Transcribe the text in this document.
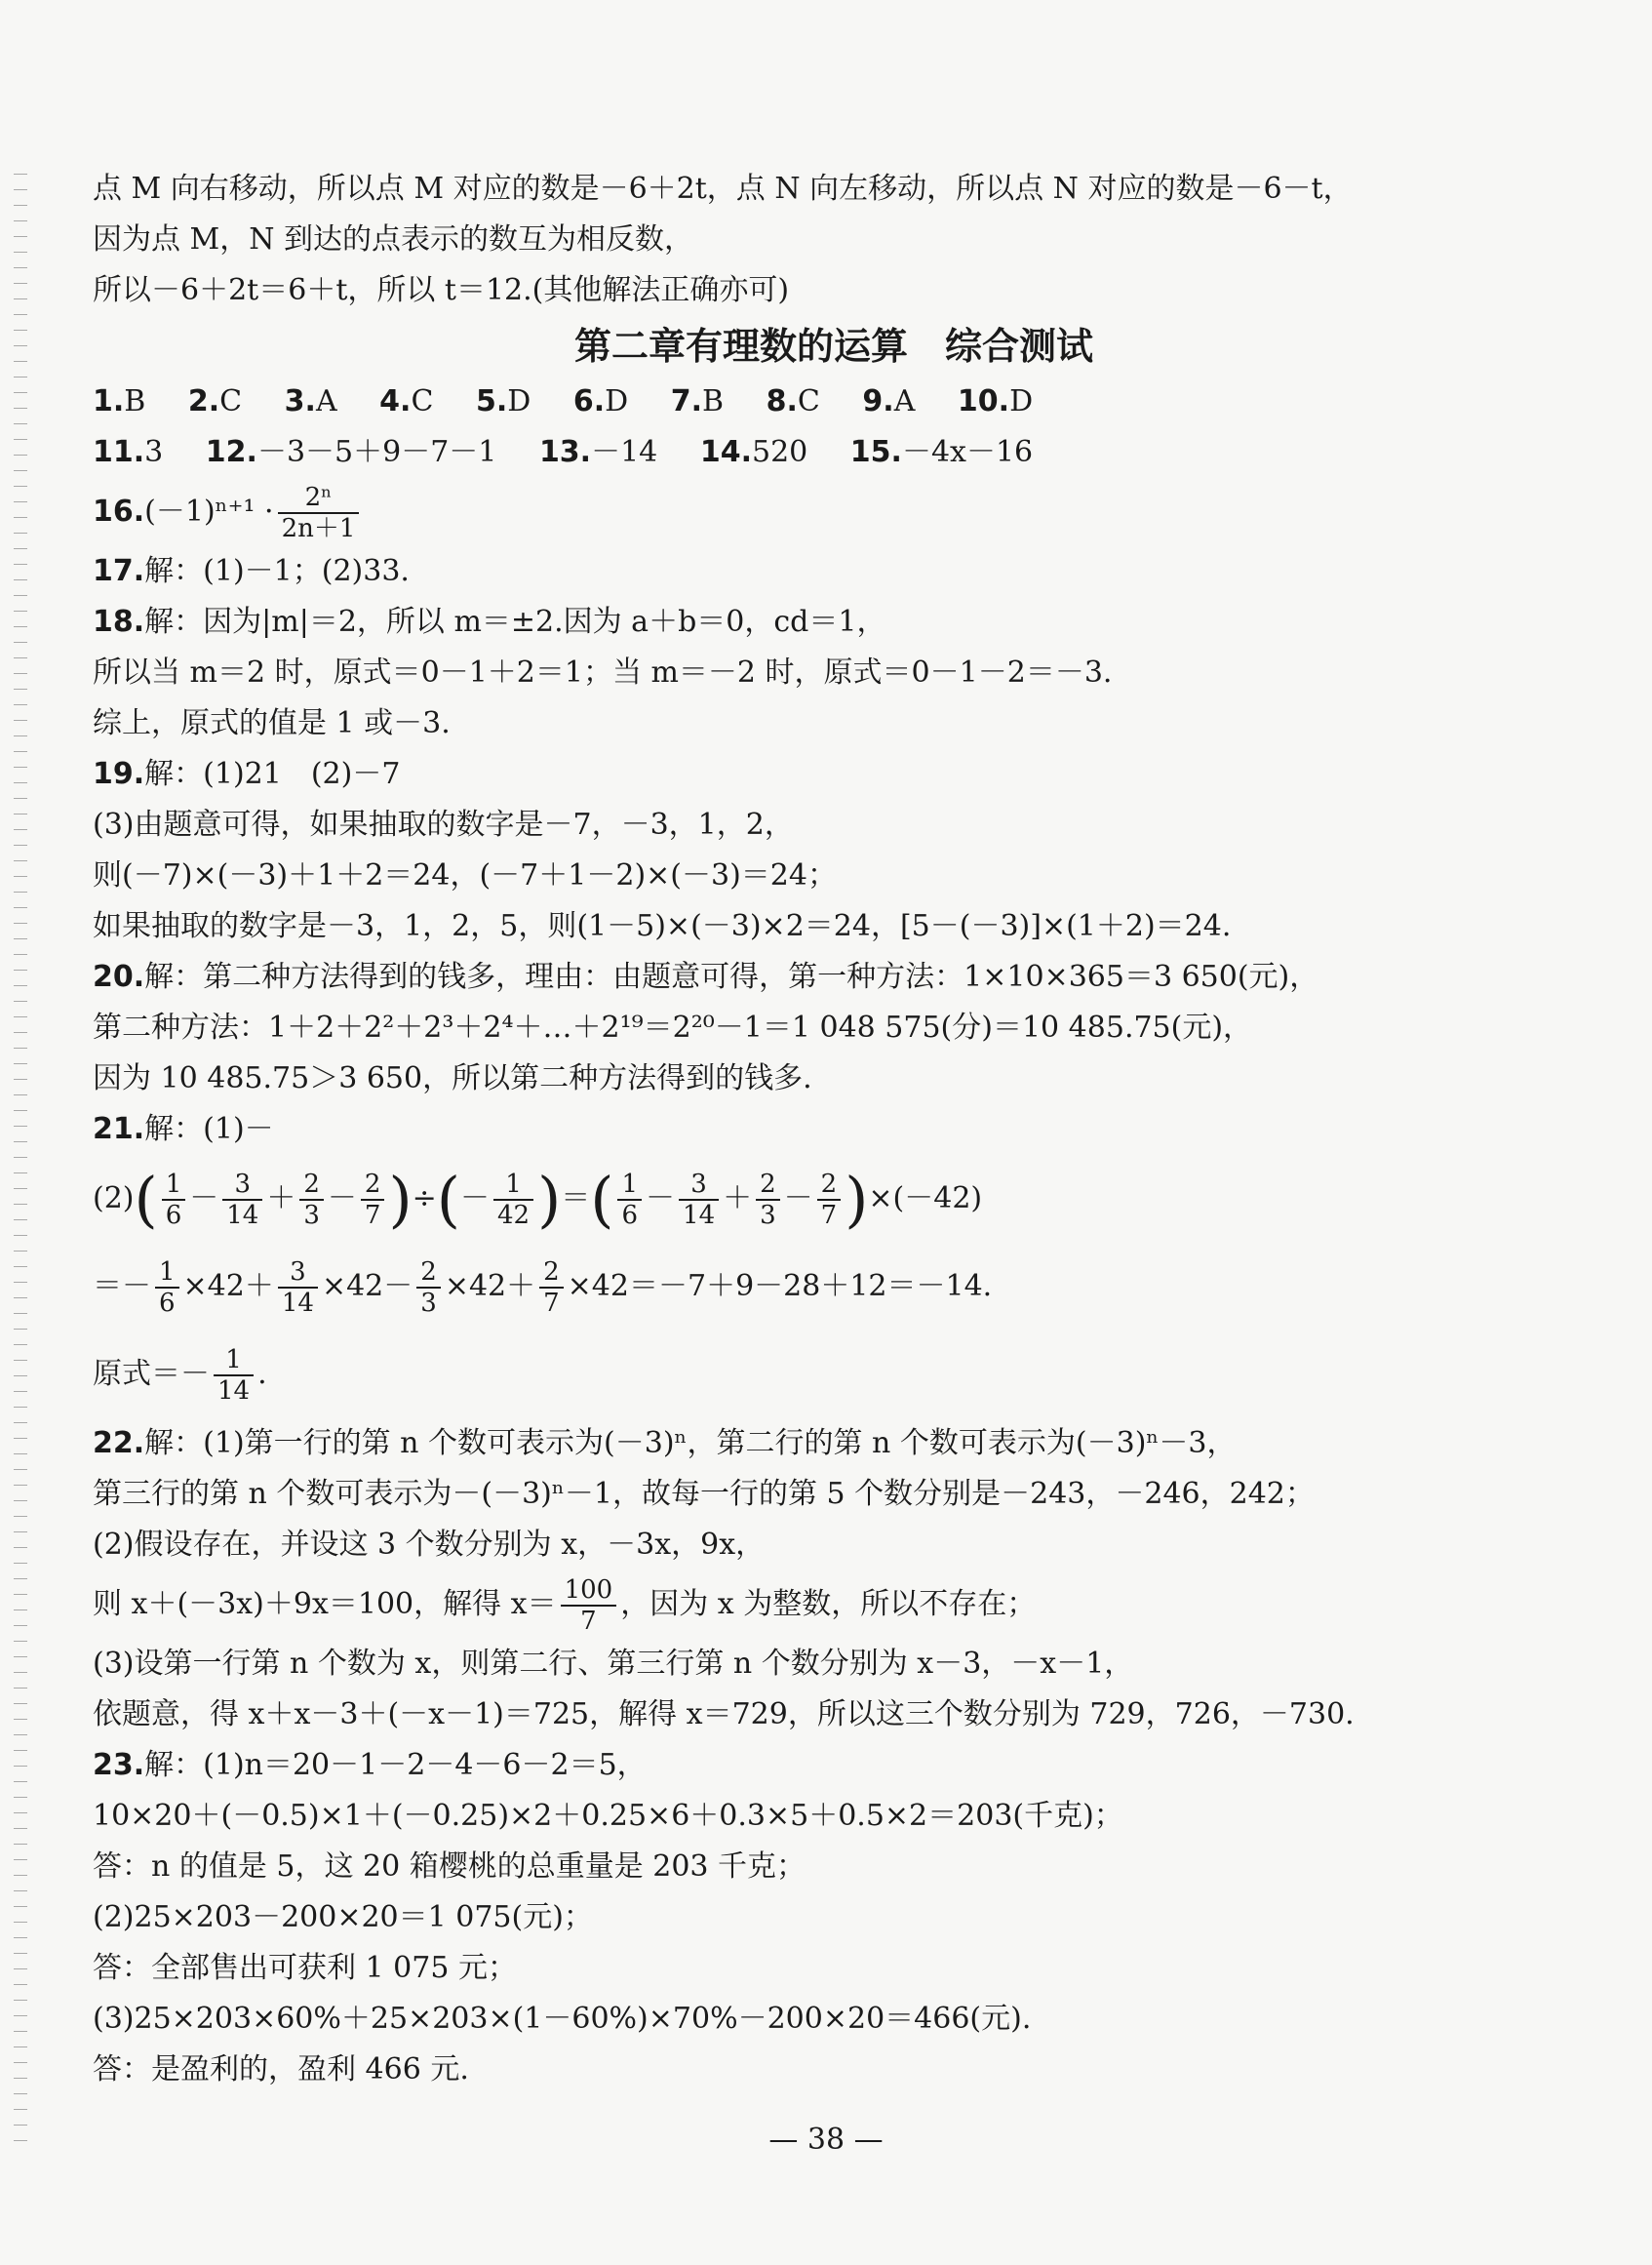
点 M 向右移动，所以点 M 对应的数是－6＋2t，点 N 向左移动，所以点 N 对应的数是－6－t，
因为点 M，N 到达的点表示的数互为相反数，
所以－6＋2t＝6＋t，所以 t＝12.(其他解法正确亦可)
第二章有理数的运算　综合测试
1.B 2.C 3.A 4.C 5.D 6.D 7.B 8.C 9.A 10.D
11.3 12.－3－5＋9－7－1 13.－14 14.520 15.－4x－16
$16.(-1)^{n+1} \cdot \frac{\text{2ⁿ}}{2n+1}$
17.解：(1)－1；(2)33.
18.解：因为|m|＝2，所以 m＝±2.因为 a＋b＝0，cd＝1，
所以当 m＝2 时，原式＝0－1＋2＝1；当 m＝－2 时，原式＝0－1－2＝－3.
综上，原式的值是 1 或－3.
19.解：(1)21　(2)－7
(3)由题意可得，如果抽取的数字是－7，－3，1，2，
则(－7)×(－3)＋1＋2＝24，(－7＋1－2)×(－3)＝24；
如果抽取的数字是－3，1，2，5，则(1－5)×(－3)×2＝24，[5－(－3)]×(1＋2)＝24.
20.解：第二种方法得到的钱多，理由：由题意可得，第一种方法：1×10×365＝3 650(元)，
第二种方法：1＋2＋2²＋2³＋2⁴＋…＋2¹⁹＝2²⁰－1＝1 048 575(分)＝10 485.75(元)，
因为 10 485.75＞3 650，所以第二种方法得到的钱多.
21.解：(1)－
$(2)( \frac{1}{6} - \frac{3}{14} + \frac{2}{3} - \frac{2}{7}$ )÷(－ $\frac{1}{42}$ )＝( $\frac{1}{6} - \frac{3}{14} + \frac{2}{3} - \frac{2}{7} )\times(-42)$
＝－ $\frac{1}{6} \times 42+ \frac{3}{14} \times 42- \frac{2}{3} \times 42+ \frac{2}{7} \times 42=-7+9-28+12=-14$.
原式＝－ $\frac{1}{14}$ .
22.解：(1)第一行的第 n 个数可表示为(－3)ⁿ，第二行的第 n 个数可表示为(－3)ⁿ－3，
第三行的第 n 个数可表示为－(－3)ⁿ－1，故每一行的第 5 个数分别是－243，－246，242；
(2)假设存在，并设这 3 个数分别为 x，－3x，9x，
则 x＋(－3x)＋9x＝100，解得 $x= \frac{100}{7}$ ，因为 x 为整数，所以不存在；
(3)设第一行第 n 个数为 x，则第二行、第三行第 n 个数分别为 x－3，－x－1，
依题意，得 x＋x－3＋(－x－1)＝725，解得 x＝729，所以这三个数分别为 729，726，－730.
23.解：(1)n＝20－1－2－4－6－2＝5，
10×20＋(－0.5)×1＋(－0.25)×2＋0.25×6＋0.3×5＋0.5×2＝203(千克)；
答：n 的值是 5，这 20 箱樱桃的总重量是 203 千克；
(2)25×203－200×20＝1 075(元)；
答：全部售出可获利 1 075 元；
(3)25×203×60%＋25×203×(1－60%)×70%－200×20＝466(元).
答：是盈利的，盈利 466 元.
— 38 —
